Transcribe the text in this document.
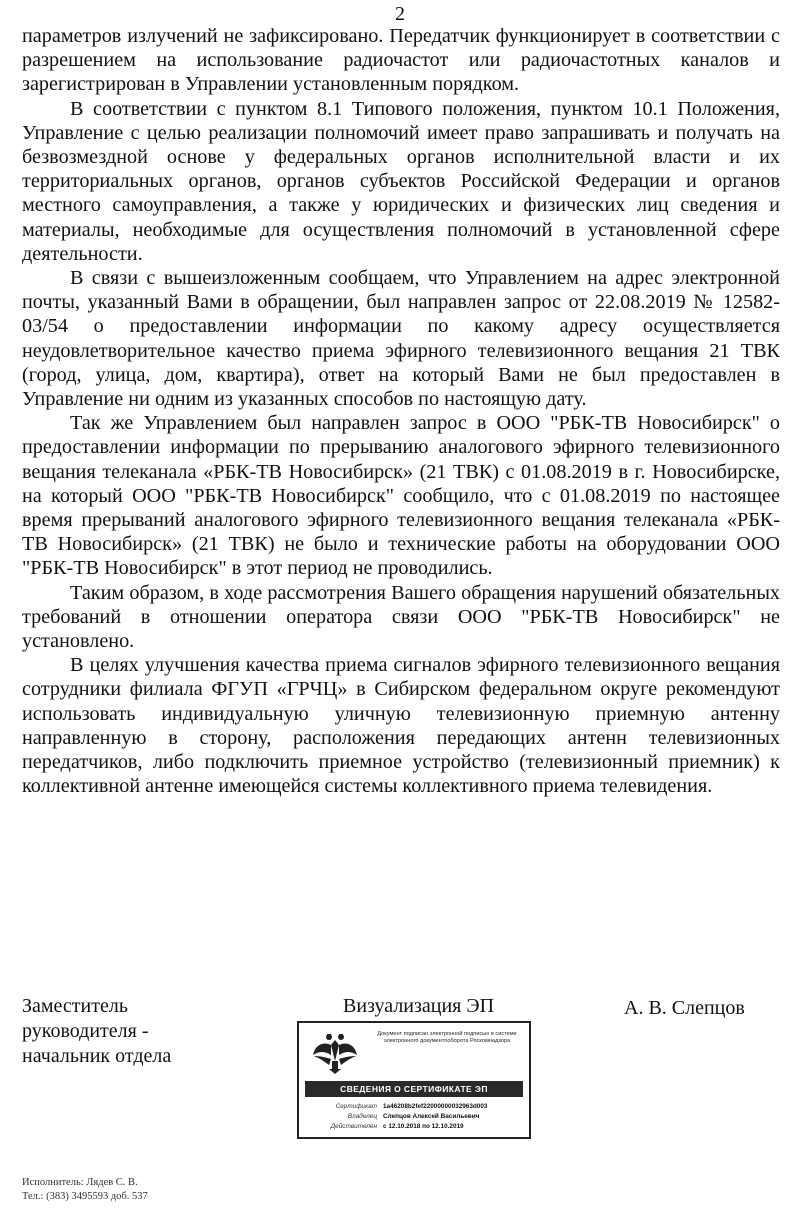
2

параметров излучений не зафиксировано. Передатчик функционирует в соответствии с разрешением на использование радиочастот или радиочастотных каналов и зарегистрирован в Управлении установленным порядком.

В соответствии с пунктом 8.1 Типового положения, пунктом 10.1 Положения, Управление с целью реализации полномочий имеет право запрашивать и получать на безвозмездной основе у федеральных органов исполнительной власти и их территориальных органов, органов субъектов Российской Федерации и органов местного самоуправления, а также у юридических и физических лиц сведения и материалы, необходимые для осуществления полномочий в установленной сфере деятельности.

В связи с вышеизложенным сообщаем, что Управлением на адрес электронной почты, указанный Вами в обращении, был направлен запрос от 22.08.2019 № 12582-03/54 о предоставлении информации по какому адресу осуществляется неудовлетворительное качество приема эфирного телевизионного вещания 21 ТВК (город, улица, дом, квартира), ответ на который Вами не был предоставлен в Управление ни одним из указанных способов по настоящую дату.

Так же Управлением был направлен запрос в ООО "РБК-ТВ Новосибирск" о предоставлении информации по прерыванию аналогового эфирного телевизионного вещания телеканала «РБК-ТВ Новосибирск» (21 ТВК) с 01.08.2019 в г. Новосибирске, на который ООО "РБК-ТВ Новосибирск" сообщило, что с 01.08.2019 по настоящее время прерываний аналогового эфирного телевизионного вещания телеканала «РБК-ТВ Новосибирск» (21 ТВК) не было и технические работы на оборудовании ООО "РБК-ТВ Новосибирск" в этот период не проводились.

Таким образом, в ходе рассмотрения Вашего обращения нарушений обязательных требований в отношении оператора связи ООО "РБК-ТВ Новосибирск" не установлено.

В целях улучшения качества приема сигналов эфирного телевизионного вещания сотрудники филиала ФГУП «ГРЧЦ» в Сибирском федеральном округе рекомендуют использовать индивидуальную уличную телевизионную приемную антенну направленную в сторону, расположения передающих антенн телевизионных передатчиков, либо подключить приемное устройство (телевизионный приемник) к коллективной антенне имеющейся системы коллективного приема телевидения.

Заместитель
руководителя -
начальник отдела
Визуализация ЭП	А. В. Слепцов
Документ подписан электронной подписью в системе электронного документооборота Роскомнадзора
СВЕДЕНИЯ О СЕРТИФИКАТЕ ЭП
Сертификат 1a46208b2fef22000000032963d003
Владелец Слепцов Алексей Васильевич
Действителен с 12.10.2018 по 12.10.2019
Исполнитель: Лядев С. В.
Тел.: (383) 3495593 доб. 537
